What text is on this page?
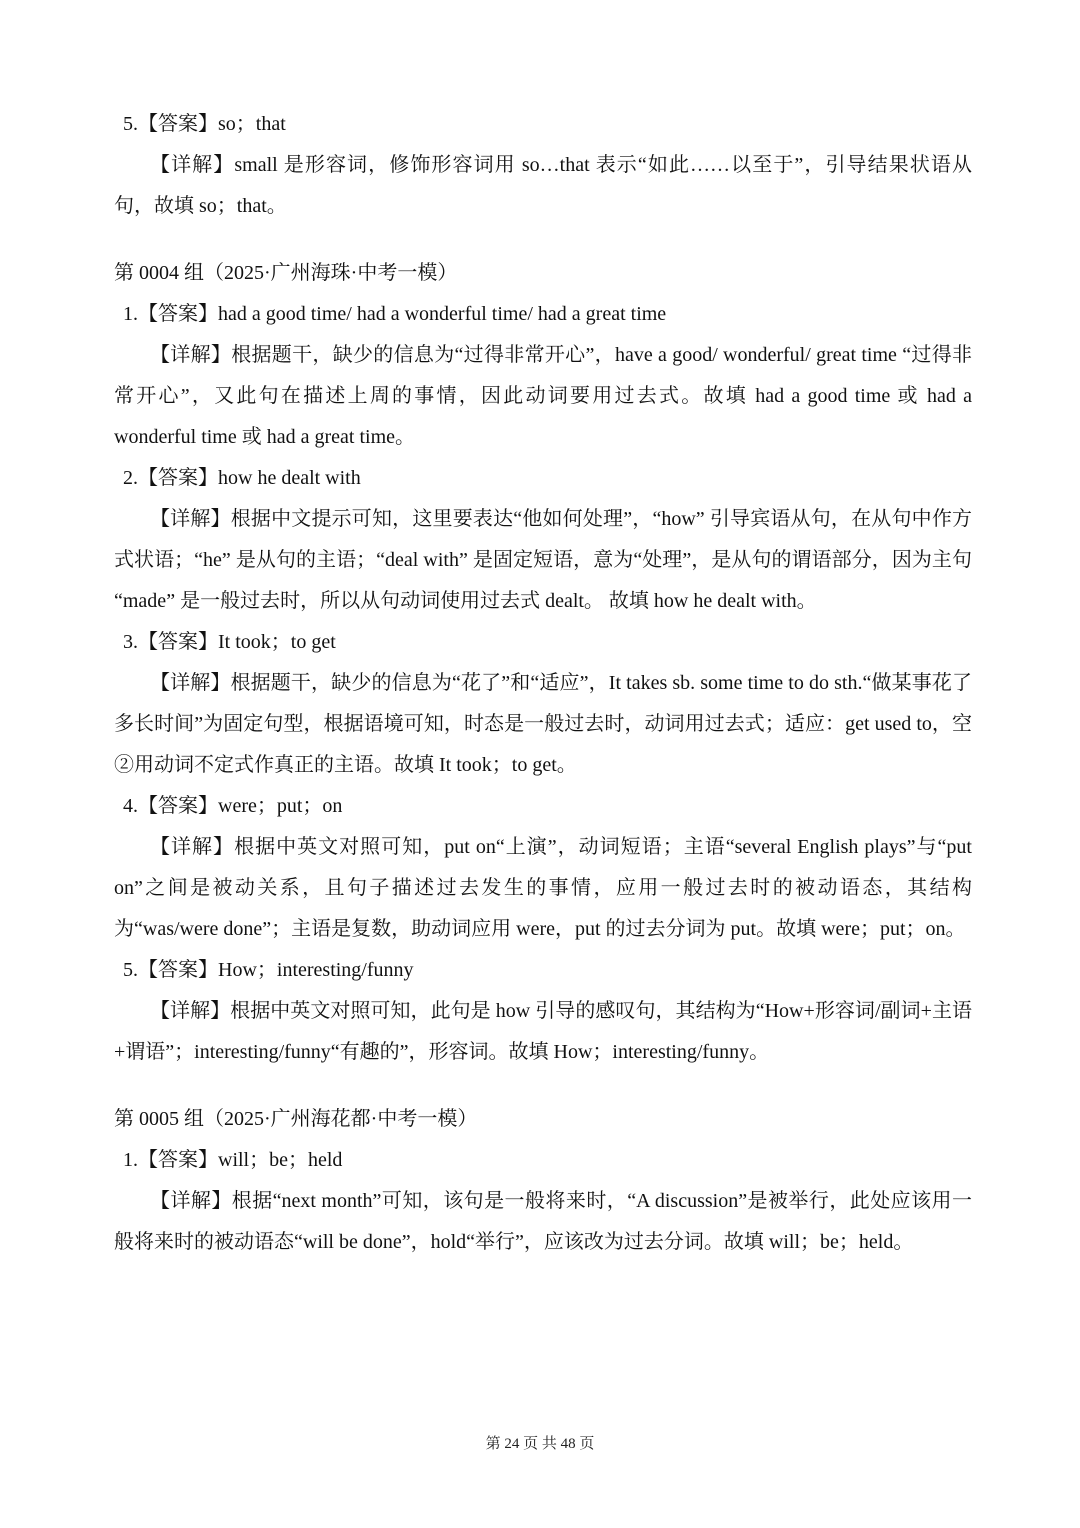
5.【答案】so；that

【详解】small 是形容词，修饰形容词用 so…that 表示“如此……以至于”，引导结果状语从句，故填 so；that。

第 0004 组（2025·广州海珠·中考一模）

1.【答案】had a good time/ had a wonderful time/ had a great time

【详解】根据题干，缺少的信息为“过得非常开心”，have a good/ wonderful/ great time “过得非常开心”，又此句在描述上周的事情，因此动词要用过去式。故填 had a good time 或 had a wonderful time 或 had a great time。

2.【答案】how he dealt with

【详解】根据中文提示可知，这里要表达“他如何处理”，“how” 引导宾语从句，在从句中作方式状语；“he” 是从句的主语；“deal with” 是固定短语，意为“处理”，是从句的谓语部分，因为主句 “made” 是一般过去时，所以从句动词使用过去式 dealt。 故填 how he dealt with。

3.【答案】It took；to get

【详解】根据题干，缺少的信息为“花了”和“适应”，It takes sb. some time to do sth.“做某事花了多长时间”为固定句型，根据语境可知，时态是一般过去时，动词用过去式；适应：get used to，空②用动词不定式作真正的主语。故填 It took；to get。

4.【答案】were；put；on

【详解】根据中英文对照可知，put on“上演”，动词短语；主语“several English plays”与“put on”之间是被动关系，且句子描述过去发生的事情，应用一般过去时的被动语态，其结构为“was/were done”；主语是复数，助动词应用 were，put 的过去分词为 put。故填 were；put；on。

5.【答案】How；interesting/funny

【详解】根据中英文对照可知，此句是 how 引导的感叹句，其结构为“How+形容词/副词+主语+谓语”；interesting/funny“有趣的”，形容词。故填 How；interesting/funny。

第 0005 组（2025·广州海花都·中考一模）

1.【答案】will；be；held

【详解】根据“next month”可知，该句是一般将来时，“A discussion”是被举行，此处应该用一般将来时的被动语态“will be done”，hold“举行”，应该改为过去分词。故填 will；be；held。

第 24 页 共 48 页
